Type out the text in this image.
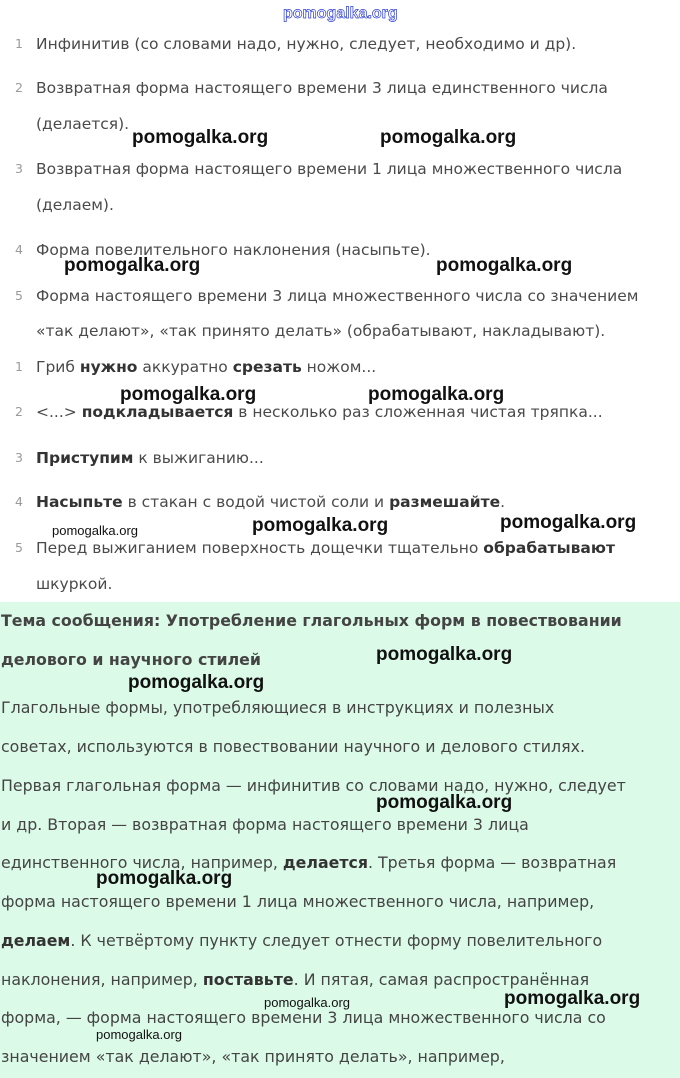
pomogalka.org
1 Инфинитив (со словами надо, нужно, следует, необходимо и др).
2 Возвратная форма настоящего времени 3 лица единственного числа
(делается).
3 Возвратная форма настоящего времени 1 лица множественного числа
(делаем).
4 Форма повелительного наклонения (насыпьте).
5 Форма настоящего времени 3 лица множественного числа со значением
«так делают», «так принято делать» (обрабатывают, накладывают).
1 Гриб нужно аккуратно срезать ножом...
2 <...> подкладывается в несколько раз сложенная чистая тряпка...
3 Приступим к выжиганию...
4 Насыпьте в стакан с водой чистой соли и размешайте.
5 Перед выжиганием поверхность дощечки тщательно обрабатывают
шкуркой.
Тема сообщения: Употребление глагольных форм в повествовании
делового и научного стилей
Глагольные формы, употребляющиеся в инструкциях и полезных
советах, используются в повествовании научного и делового стилях.
Первая глагольная форма — инфинитив со словами надо, нужно, следует
и др. Вторая — возвратная форма настоящего времени 3 лица
единственного числа, например, делается. Третья форма — возвратная
форма настоящего времени 1 лица множественного числа, например,
делаем. К четвёртому пункту следует отнести форму повелительного
наклонения, например, поставьте. И пятая, самая распространённая
форма, — форма настоящего времени 3 лица множественного числа со
значением «так делают», «так принято делать», например,
pomogalka.org	pomogalka.org
pomogalka.org	pomogalka.org
pomogalka.org	pomogalka.org
pomogalka.org	pomogalka.org	pomogalka.org
pomogalka.org
pomogalka.org
pomogalka.org
pomogalka.org
pomogalka.org	pomogalka.org
pomogalka.org
